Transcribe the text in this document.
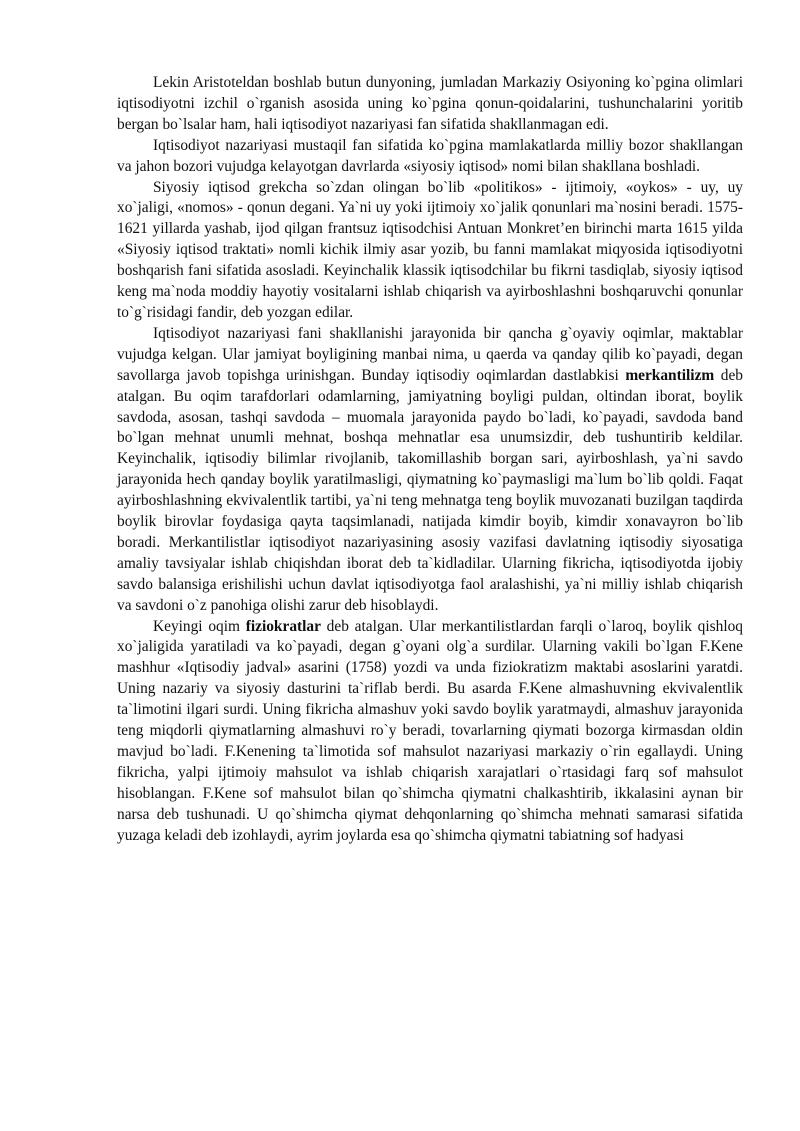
Lekin Aristoteldan boshlab butun dunyoning, jumladan Markaziy Osiyoning ko`pgina olimlari iqtisodiyotni izchil o`rganish asosida uning ko`pgina qonun-qoidalarini, tushunchalarini yoritib bergan bo`lsalar ham, hali iqtisodiyot nazariyasi fan sifatida shakllanmagan edi.

Iqtisodiyot nazariyasi mustaqil fan sifatida ko`pgina mamlakatlarda milliy bozor shakllangan va jahon bozori vujudga kelayotgan davrlarda «siyosiy iqtisod» nomi bilan shakllana boshladi.

Siyosiy iqtisod grekcha so`zdan olingan bo`lib «politikos» - ijtimoiy, «oykos» - uy, uy xo`jaligi, «nomos» - qonun degani. Ya`ni uy yoki ijtimoiy xo`jalik qonunlari ma`nosini beradi. 1575-1621 yillarda yashab, ijod qilgan frantsuz iqtisodchisi Antuan Monkret’en birinchi marta 1615 yilda «Siyosiy iqtisod traktati» nomli kichik ilmiy asar yozib, bu fanni mamlakat miqyosida iqtisodiyotni boshqarish fani sifatida asosladi. Keyinchalik klassik iqtisodchilar bu fikrni tasdiqlab, siyosiy iqtisod keng ma`noda moddiy hayotiy vositalarni ishlab chiqarish va ayirboshlashni boshqaruvchi qonunlar to`g`risidagi fandir, deb yozgan edilar.

Iqtisodiyot nazariyasi fani shakllanishi jarayonida bir qancha g`oyaviy oqimlar, maktablar vujudga kelgan. Ular jamiyat boyligining manbai nima, u qaerda va qanday qilib ko`payadi, degan savollarga javob topishga urinishgan. Bunday iqtisodiy oqimlardan dastlabkisi merkantilizm deb atalgan. Bu oqim tarafdorlari odamlarning, jamiyatning boyligi puldan, oltindan iborat, boylik savdoda, asosan, tashqi savdoda – muomala jarayonida paydo bo`ladi, ko`payadi, savdoda band bo`lgan mehnat unumli mehnat, boshqa mehnatlar esa unumsizdir, deb tushuntirib keldilar. Keyinchalik, iqtisodiy bilimlar rivojlanib, takomillashib borgan sari, ayirboshlash, ya`ni savdo jarayonida hech qanday boylik yaratilmasligi, qiymatning ko`paymasligi ma`lum bo`lib qoldi. Faqat ayirboshlashning ekvivalentlik tartibi, ya`ni teng mehnatga teng boylik muvozanati buzilgan taqdirda boylik birovlar foydasiga qayta taqsimlanadi, natijada kimdir boyib, kimdir xonavayron bo`lib boradi. Merkantilistlar iqtisodiyot nazariyasining asosiy vazifasi davlatning iqtisodiy siyosatiga amaliy tavsiyalar ishlab chiqishdan iborat deb ta`kidladilar. Ularning fikricha, iqtisodiyotda ijobiy savdo balansiga erishilishi uchun davlat iqtisodiyotga faol aralashishi, ya`ni milliy ishlab chiqarish va savdoni o`z panohiga olishi zarur deb hisoblaydi.

Keyingi oqim fiziokratlar deb atalgan. Ular merkantilistlardan farqli o`laroq, boylik qishloq xo`jaligida yaratiladi va ko`payadi, degan g`oyani olg`a surdilar. Ularning vakili bo`lgan F.Kene mashhur «Iqtisodiy jadval» asarini (1758) yozdi va unda fiziokratizm maktabi asoslarini yaratdi. Uning nazariy va siyosiy dasturini ta`riflab berdi. Bu asarda F.Kene almashuvning ekvivalentlik ta`limotini ilgari surdi. Uning fikricha almashuv yoki savdo boylik yaratmaydi, almashuv jarayonida teng miqdorli qiymatlarning almashuvi ro`y beradi, tovarlarning qiymati bozorga kirmasdan oldin mavjud bo`ladi. F.Kenening ta`limotida sof mahsulot nazariyasi markaziy o`rin egallaydi. Uning fikricha, yalpi ijtimoiy mahsulot va ishlab chiqarish xarajatlari o`rtasidagi farq sof mahsulot hisoblangan. F.Kene sof mahsulot bilan qo`shimcha qiymatni chalkashtirib, ikkalasini aynan bir narsa deb tushunadi. U qo`shimcha qiymat dehqonlarning qo`shimcha mehnati samarasi sifatida yuzaga keladi deb izohlaydi, ayrim joylarda esa qo`shimcha qiymatni tabiatning sof hadyasi
